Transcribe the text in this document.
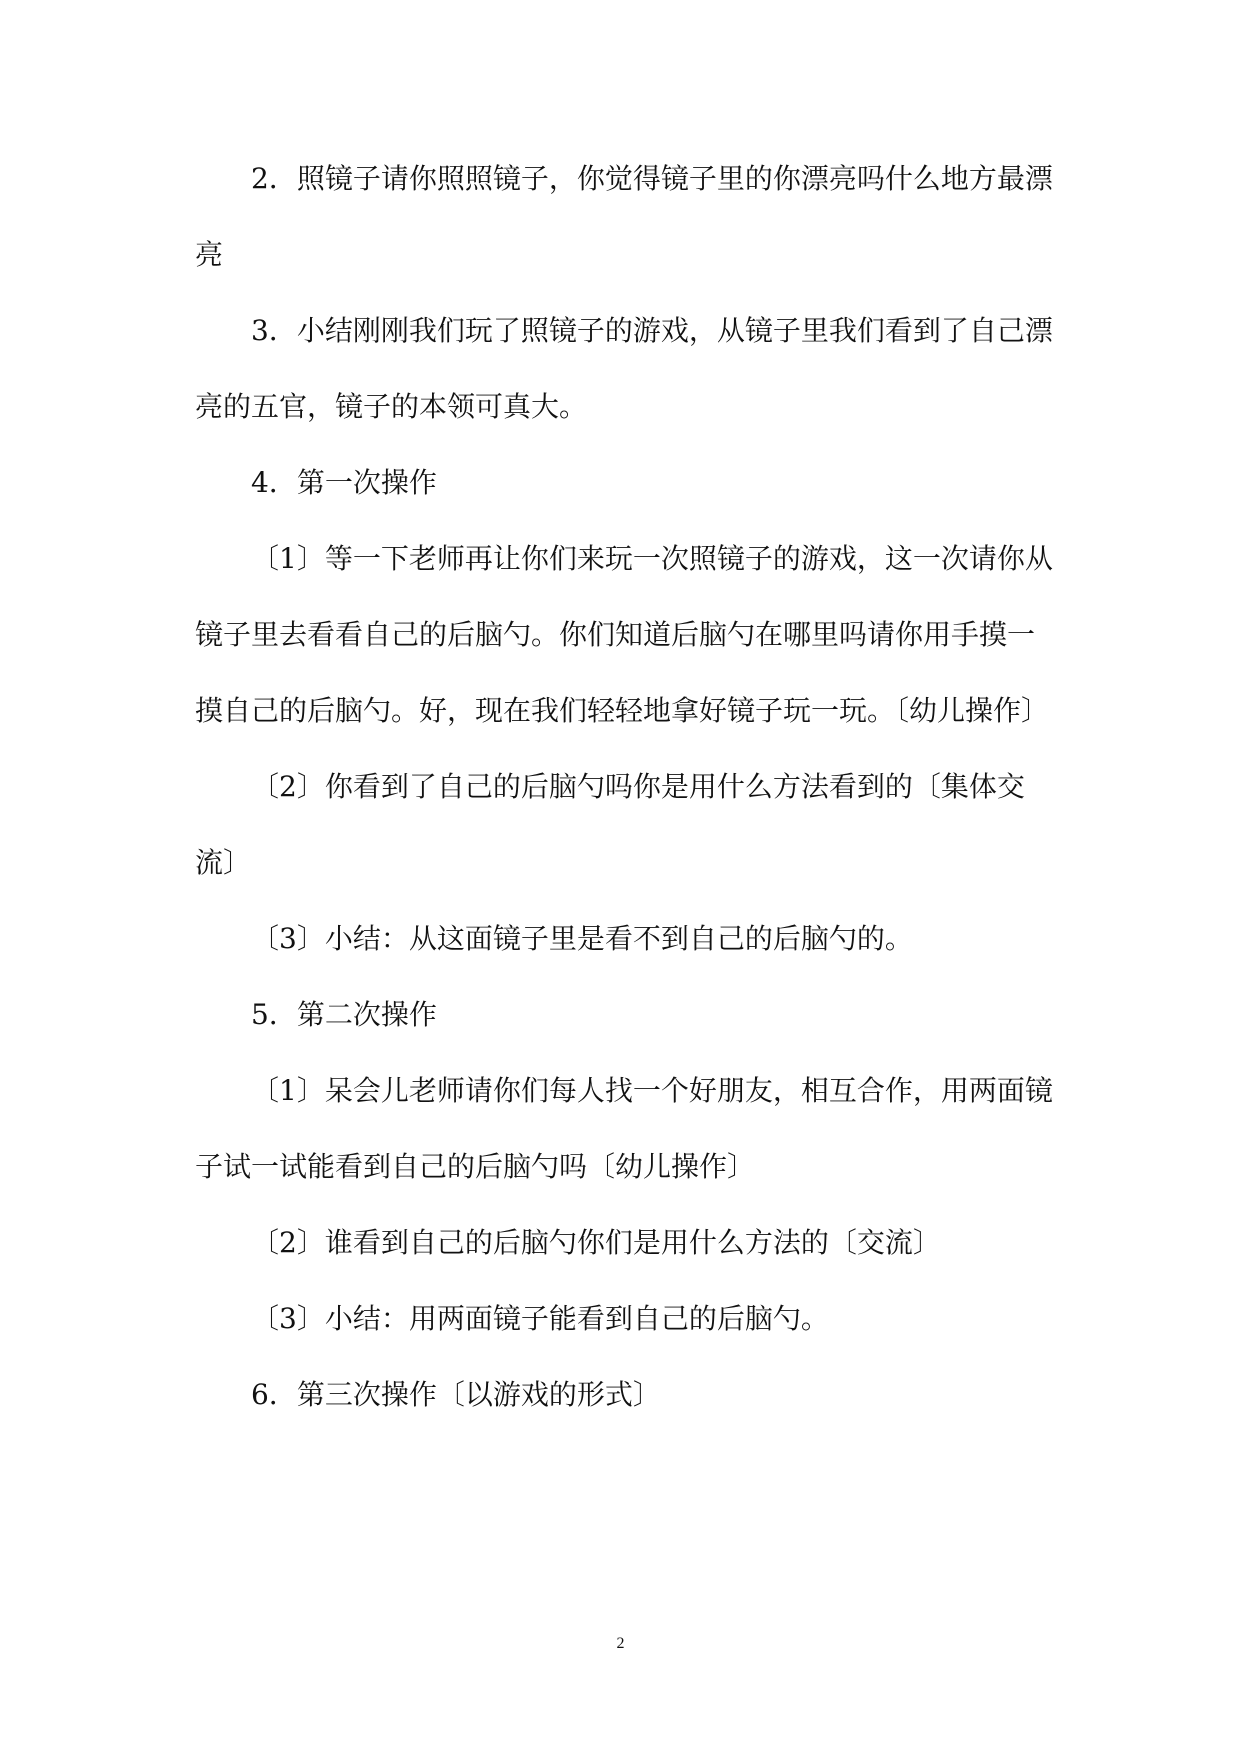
2．照镜子请你照照镜子，你觉得镜子里的你漂亮吗什么地方最漂亮

3．小结刚刚我们玩了照镜子的游戏，从镜子里我们看到了自己漂亮的五官，镜子的本领可真大。

4．第一次操作

〔1〕等一下老师再让你们来玩一次照镜子的游戏，这一次请你从镜子里去看看自己的后脑勺。你们知道后脑勺在哪里吗请你用手摸一摸自己的后脑勺。好，现在我们轻轻地拿好镜子玩一玩。〔幼儿操作〕

〔2〕你看到了自己的后脑勺吗你是用什么方法看到的〔集体交流〕

〔3〕小结：从这面镜子里是看不到自己的后脑勺的。

5．第二次操作

〔1〕呆会儿老师请你们每人找一个好朋友，相互合作，用两面镜子试一试能看到自己的后脑勺吗〔幼儿操作〕

〔2〕谁看到自己的后脑勺你们是用什么方法的〔交流〕

〔3〕小结：用两面镜子能看到自己的后脑勺。

6．第三次操作〔以游戏的形式〕

2
